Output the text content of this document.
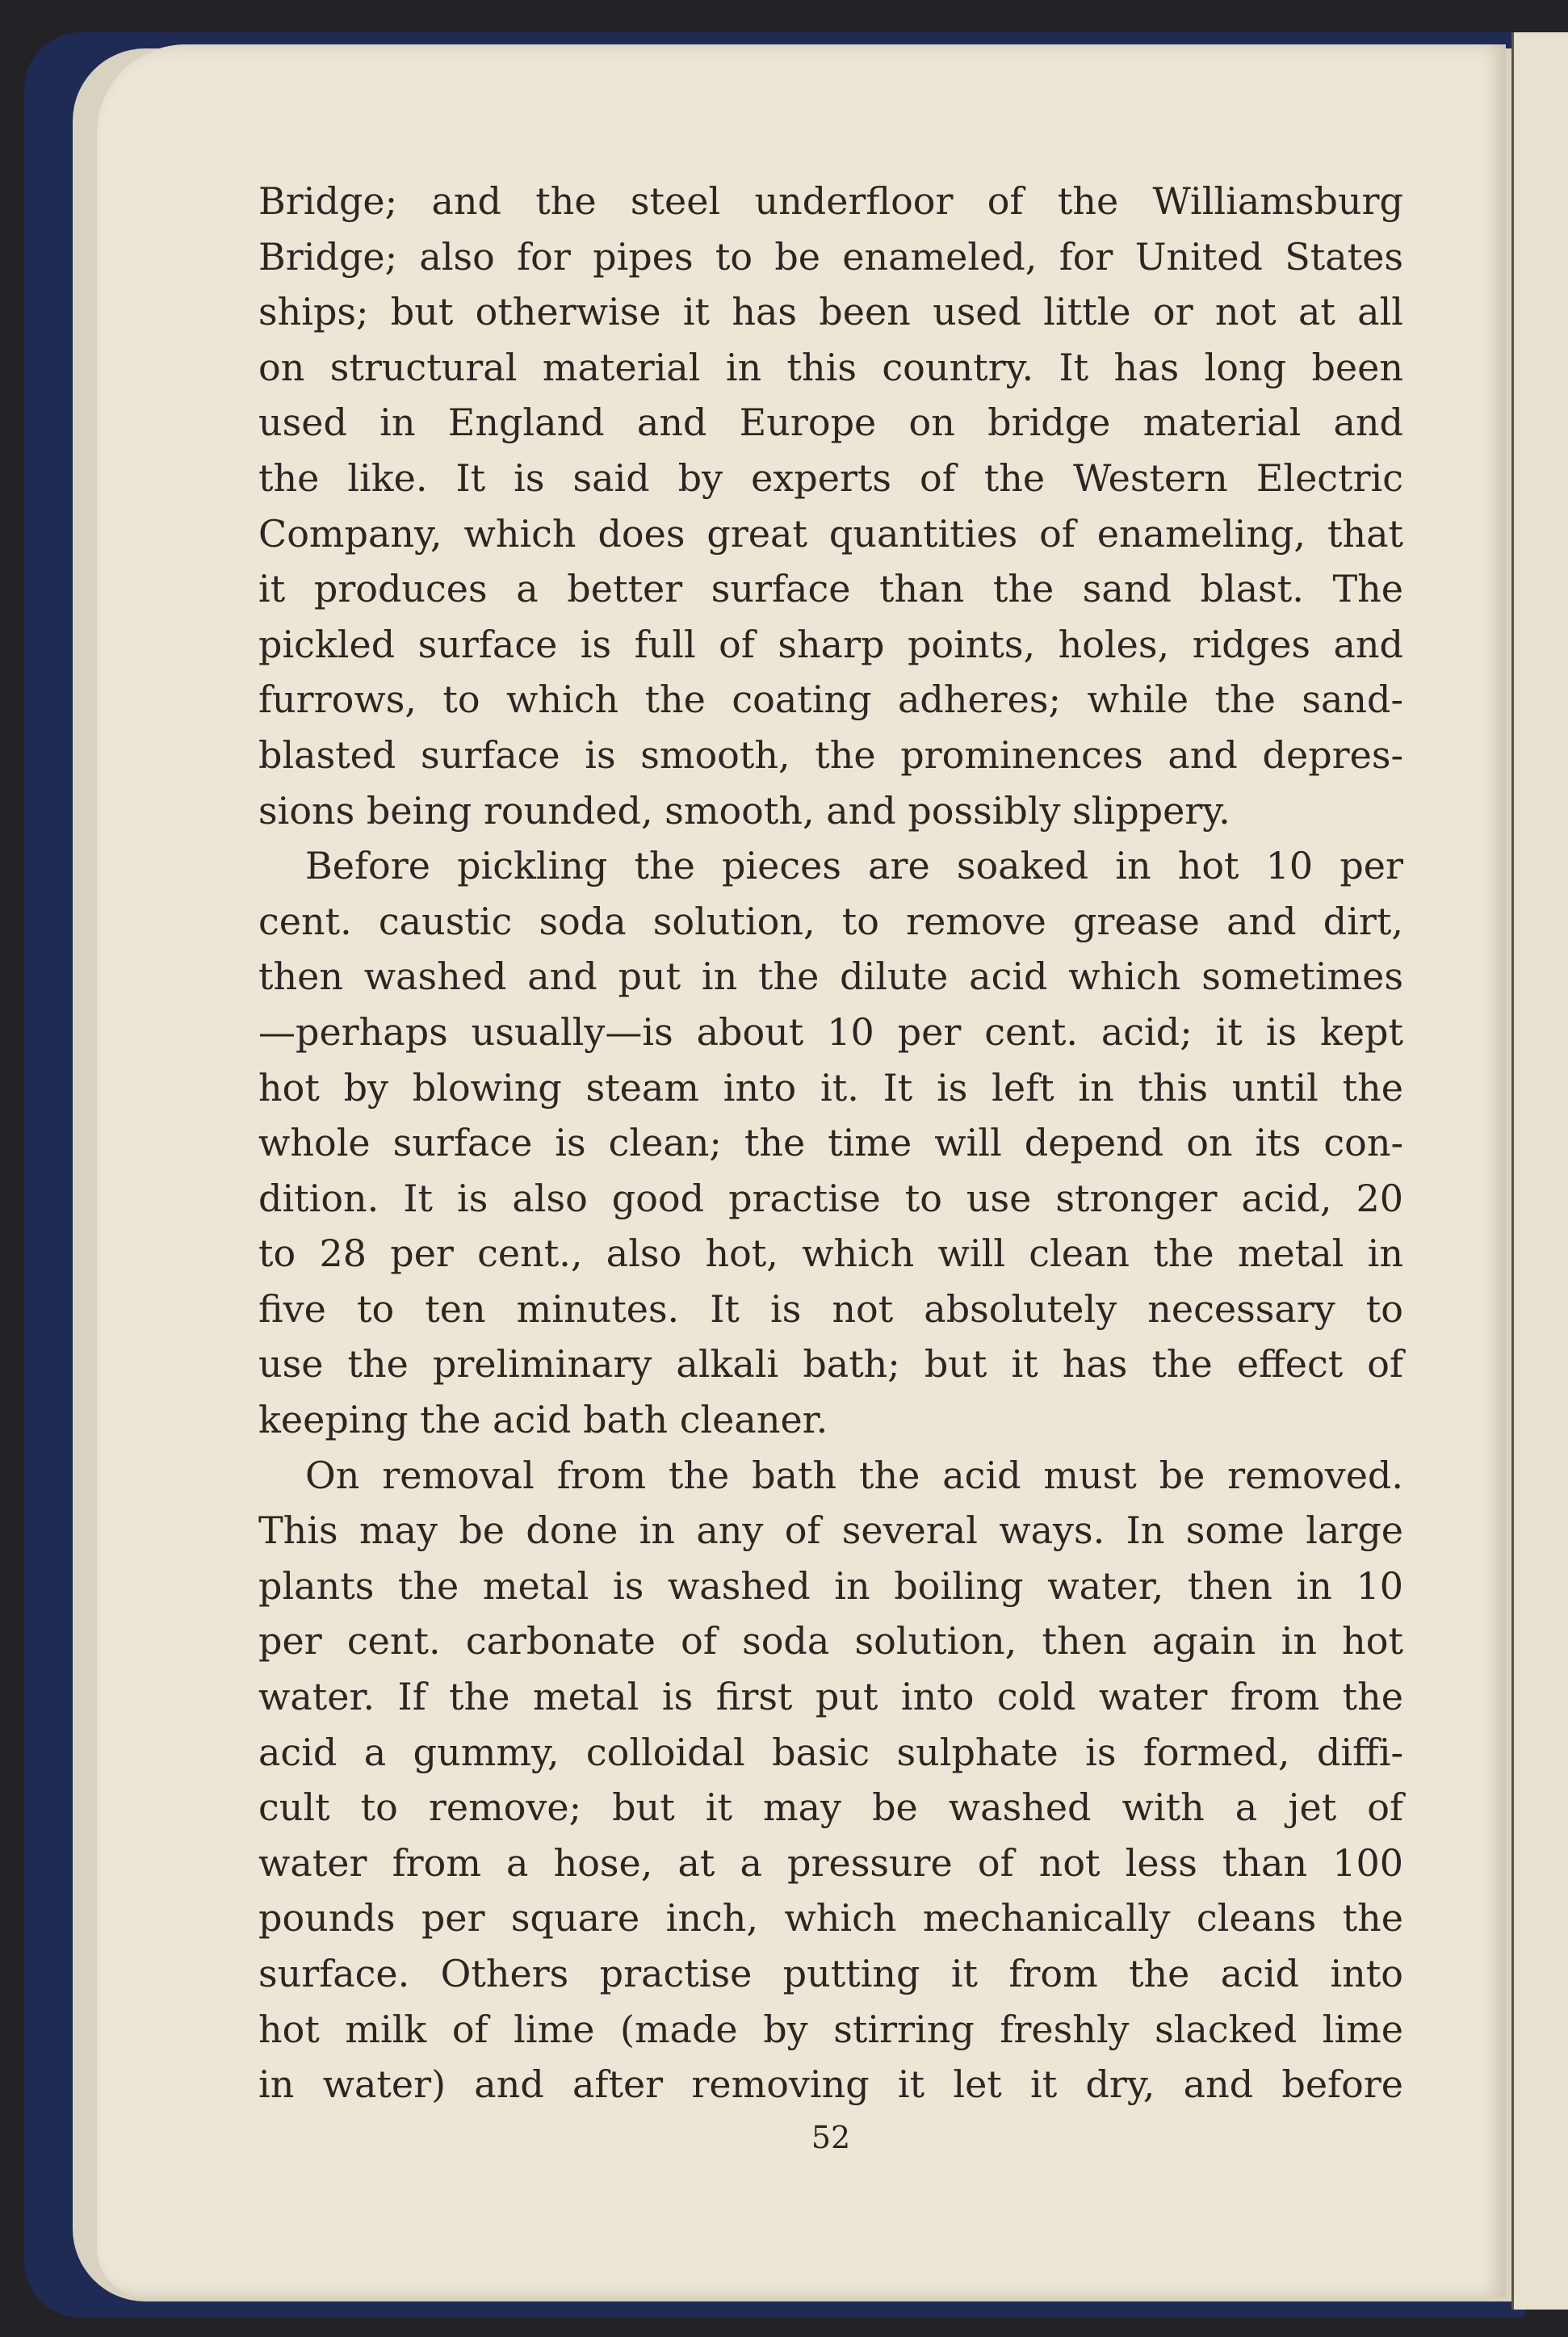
Bridge; and the steel underfloor of the Williamsburg
Bridge; also for pipes to be enameled, for United States
ships; but otherwise it has been used little or not at all
on structural material in this country. It has long been
used in England and Europe on bridge material and
the like. It is said by experts of the Western Electric
Company, which does great quantities of enameling, that
it produces a better surface than the sand blast. The
pickled surface is full of sharp points, holes, ridges and
furrows, to which the coating adheres; while the sand-
blasted surface is smooth, the prominences and depres-
sions being rounded, smooth, and possibly slippery.
Before pickling the pieces are soaked in hot 10 per
cent. caustic soda solution, to remove grease and dirt,
then washed and put in the dilute acid which sometimes
—perhaps usually—is about 10 per cent. acid; it is kept
hot by blowing steam into it. It is left in this until the
whole surface is clean; the time will depend on its con-
dition. It is also good practise to use stronger acid, 20
to 28 per cent., also hot, which will clean the metal in
five to ten minutes. It is not absolutely necessary to
use the preliminary alkali bath; but it has the effect of
keeping the acid bath cleaner.
On removal from the bath the acid must be removed.
This may be done in any of several ways. In some large
plants the metal is washed in boiling water, then in 10
per cent. carbonate of soda solution, then again in hot
water. If the metal is first put into cold water from the
acid a gummy, colloidal basic sulphate is formed, diffi-
cult to remove; but it may be washed with a jet of
water from a hose, at a pressure of not less than 100
pounds per square inch, which mechanically cleans the
surface. Others practise putting it from the acid into
hot milk of lime (made by stirring freshly slacked lime
in water) and after removing it let it dry, and before
52
